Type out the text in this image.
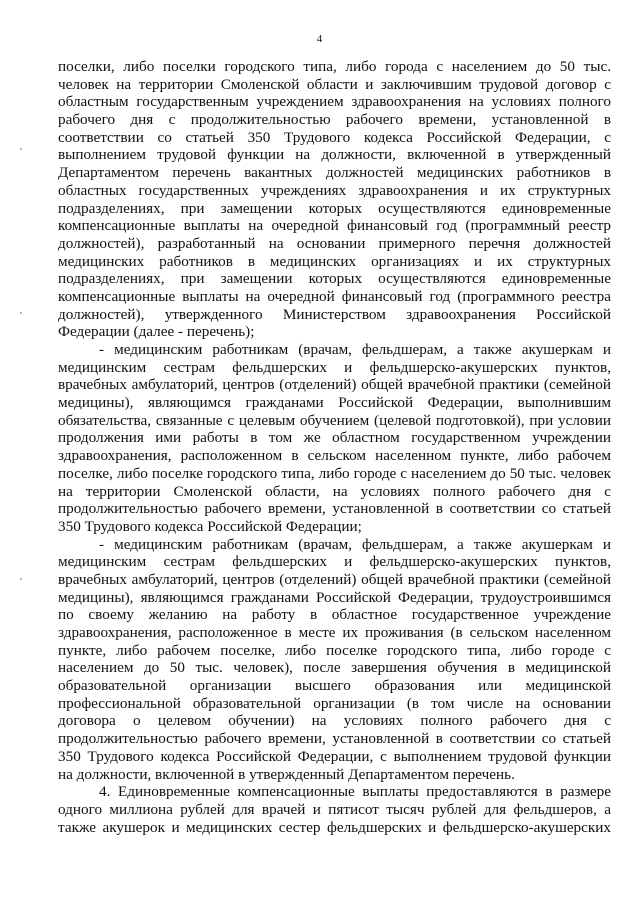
4
поселки, либо поселки городского типа, либо города с населением до 50 тыс.
человек на территории Смоленской области и заключившим трудовой договор с
областным государственным учреждением здравоохранения на условиях полного
рабочего дня с продолжительностью рабочего времени, установленной в
соответствии со статьей 350 Трудового кодекса Российской Федерации, с
выполнением трудовой функции на должности, включенной в утвержденный
Департаментом перечень вакантных должностей медицинских работников в
областных государственных учреждениях здравоохранения и их структурных
подразделениях, при замещении которых осуществляются единовременные
компенсационные выплаты на очередной финансовый год (программный реестр
должностей), разработанный на основании примерного перечня должностей
медицинских работников в медицинских организациях и их структурных
подразделениях, при замещении которых осуществляются единовременные
компенсационные выплаты на очередной финансовый год (программного реестра
должностей), утвержденного Министерством здравоохранения Российской
Федерации (далее - перечень);
- медицинским работникам (врачам, фельдшерам, а также акушеркам и
медицинским сестрам фельдшерских и фельдшерско-акушерских пунктов,
врачебных амбулаторий, центров (отделений) общей врачебной практики (семейной
медицины), являющимся гражданами Российской Федерации, выполнившим
обязательства, связанные с целевым обучением (целевой подготовкой), при условии
продолжения ими работы в том же областном государственном учреждении
здравоохранения, расположенном в сельском населенном пункте, либо рабочем
поселке, либо поселке городского типа, либо городе с населением до 50 тыс. человек
на территории Смоленской области, на условиях полного рабочего дня с
продолжительностью рабочего времени, установленной в соответствии со статьей
350 Трудового кодекса Российской Федерации;
- медицинским работникам (врачам, фельдшерам, а также акушеркам и
медицинским сестрам фельдшерских и фельдшерско-акушерских пунктов,
врачебных амбулаторий, центров (отделений) общей врачебной практики (семейной
медицины), являющимся гражданами Российской Федерации, трудоустроившимся
по своему желанию на работу в областное государственное учреждение
здравоохранения, расположенное в месте их проживания (в сельском населенном
пункте, либо рабочем поселке, либо поселке городского типа, либо городе с
населением до 50 тыс. человек), после завершения обучения в медицинской
образовательной организации высшего образования или медицинской
профессиональной образовательной организации (в том числе на основании
договора о целевом обучении) на условиях полного рабочего дня с
продолжительностью рабочего времени, установленной в соответствии со статьей
350 Трудового кодекса Российской Федерации, с выполнением трудовой функции
на должности, включенной в утвержденный Департаментом перечень.
4. Единовременные компенсационные выплаты предоставляются в размере
одного миллиона рублей для врачей и пятисот тысяч рублей для фельдшеров, а
также акушерок и медицинских сестер фельдшерских и фельдшерско-акушерских
